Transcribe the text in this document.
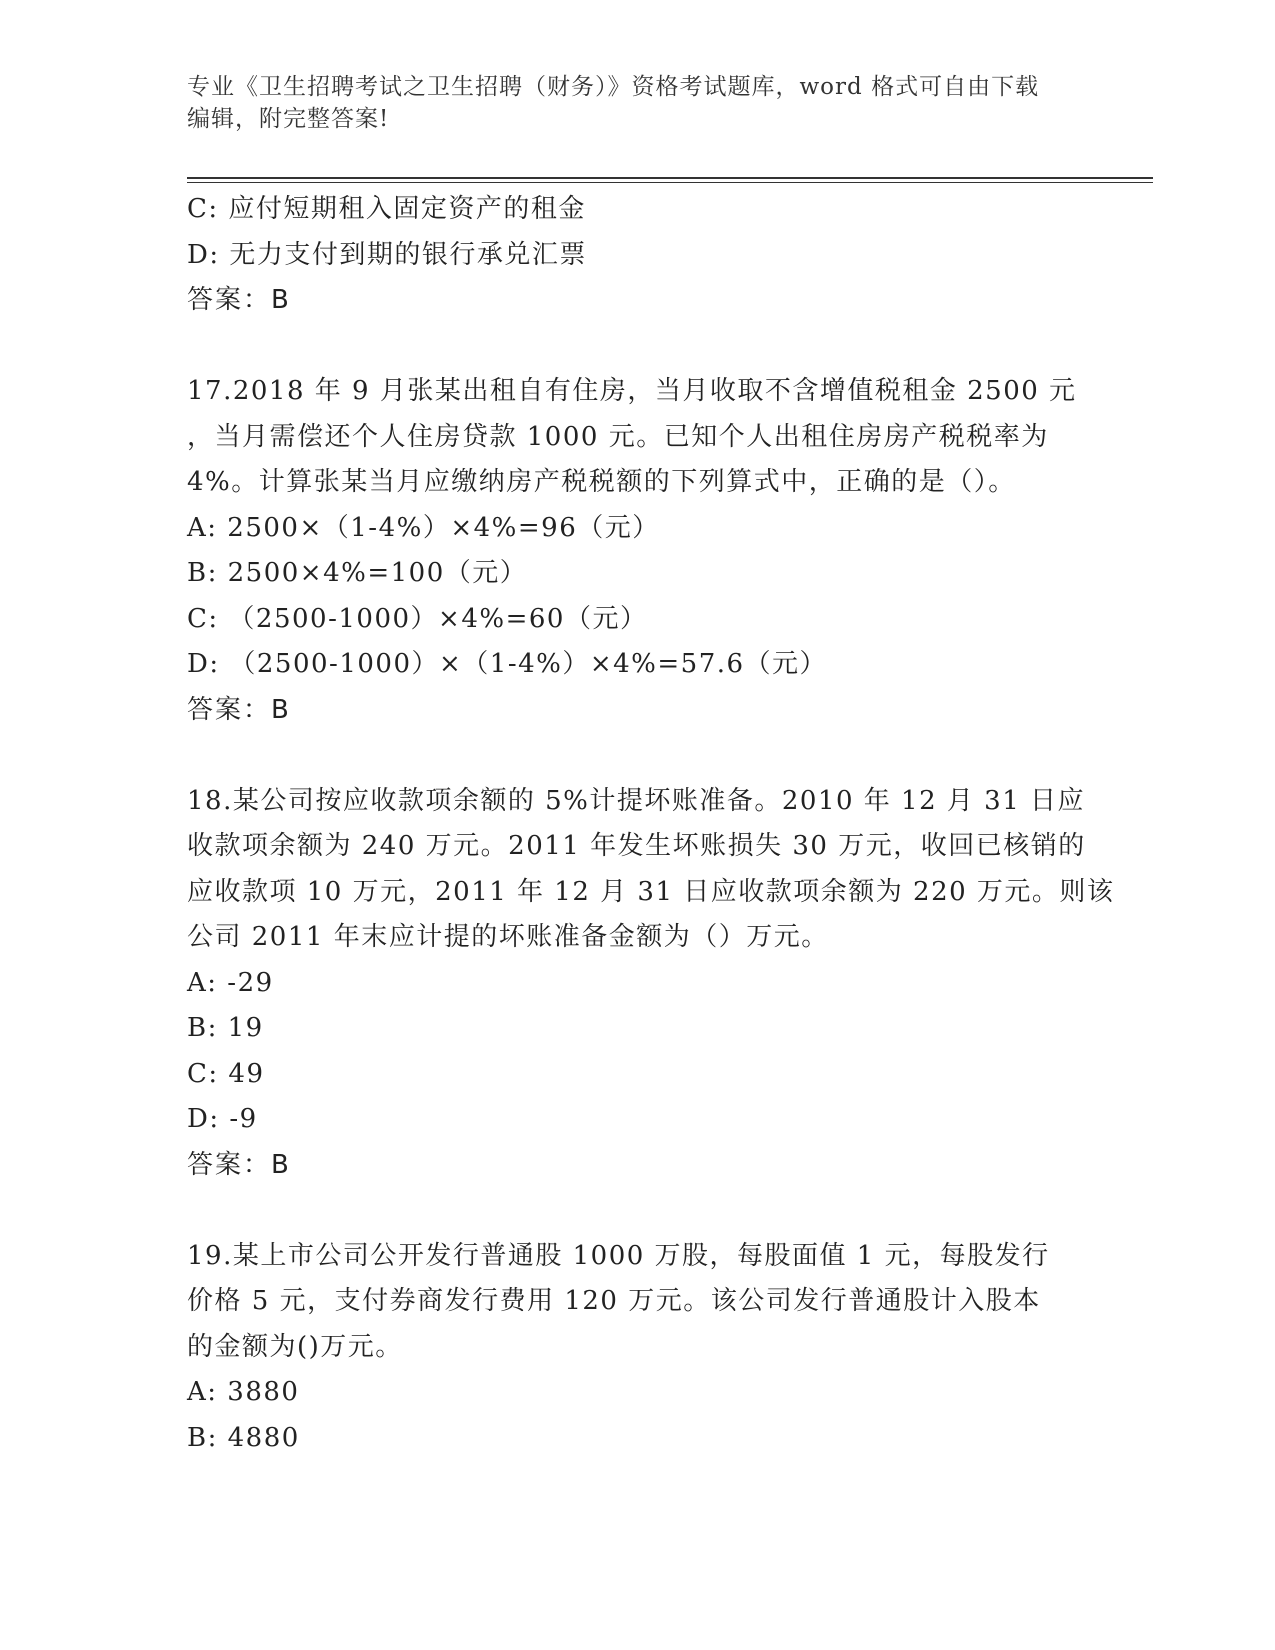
专业《卫生招聘考试之卫生招聘（财务）》资格考试题库，word 格式可自由下载
编辑，附完整答案!
C: 应付短期租入固定资产的租金
D: 无力支付到期的银行承兑汇票
答案：B
17.2018 年 9 月张某出租自有住房，当月收取不含增值税租金 2500 元
，当月需偿还个人住房贷款 1000 元。已知个人出租住房房产税税率为
4%。计算张某当月应缴纳房产税税额的下列算式中，正确的是（）。
A: 2500×（1-4%）×4%=96（元）
B: 2500×4%=100（元）
C: （2500-1000）×4%=60（元）
D: （2500-1000）×（1-4%）×4%=57.6（元）
答案：B
18.某公司按应收款项余额的 5%计提坏账准备。2010 年 12 月 31 日应
收款项余额为 240 万元。2011 年发生坏账损失 30 万元，收回已核销的
应收款项 10 万元，2011 年 12 月 31 日应收款项余额为 220 万元。则该
公司 2011 年末应计提的坏账准备金额为（）万元。
A: -29
B: 19
C: 49
D: -9
答案：B
19.某上市公司公开发行普通股 1000 万股，每股面值 1 元，每股发行
价格 5 元，支付券商发行费用 120 万元。该公司发行普通股计入股本
的金额为()万元。
A: 3880
B: 4880
